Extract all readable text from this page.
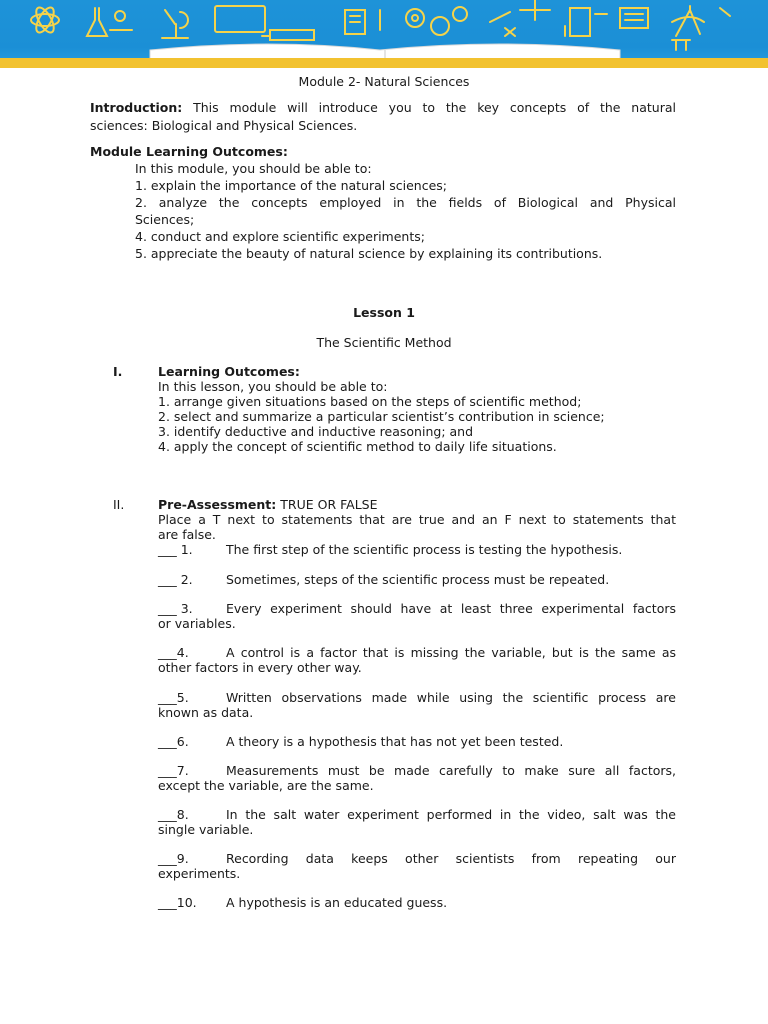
Module 2- Natural Sciences
Introduction: This module will introduce you to the key concepts of the natural
sciences: Biological and Physical Sciences.
Module Learning Outcomes:
In this module, you should be able to:
1. explain the importance of the natural sciences;
2. analyze the concepts employed in the fields of Biological and Physical
Sciences;
4. conduct and explore scientific experiments;
5. appreciate the beauty of natural science by explaining its contributions.
Lesson 1
The Scientific Method
I.	Learning Outcomes:
In this lesson, you should be able to:
1. arrange given situations based on the steps of scientific method;
2. select and summarize a particular scientist’s contribution in science;
3. identify deductive and inductive reasoning; and
4. apply the concept of scientific method to daily life situations.
II.	Pre-Assessment: TRUE OR FALSE
Place a T next to statements that are true and an F next to statements that
are false.
___ 1.	The first step of the scientific process is testing the hypothesis.
___ 2.	Sometimes, steps of the scientific process must be repeated.
___ 3.	Every experiment should have at least three experimental factors
or variables.
___4.	A control is a factor that is missing the variable, but is the same as
other factors in every other way.
___5.	Written observations made while using the scientific process are
known as data.
___6.	A theory is a hypothesis that has not yet been tested.
___7.	Measurements must be made carefully to make sure all factors,
except the variable, are the same.
___8.	In the salt water experiment performed in the video, salt was the
single variable.
___9.	Recording data keeps other scientists from repeating our
experiments.
___10. A hypothesis is an educated guess.
